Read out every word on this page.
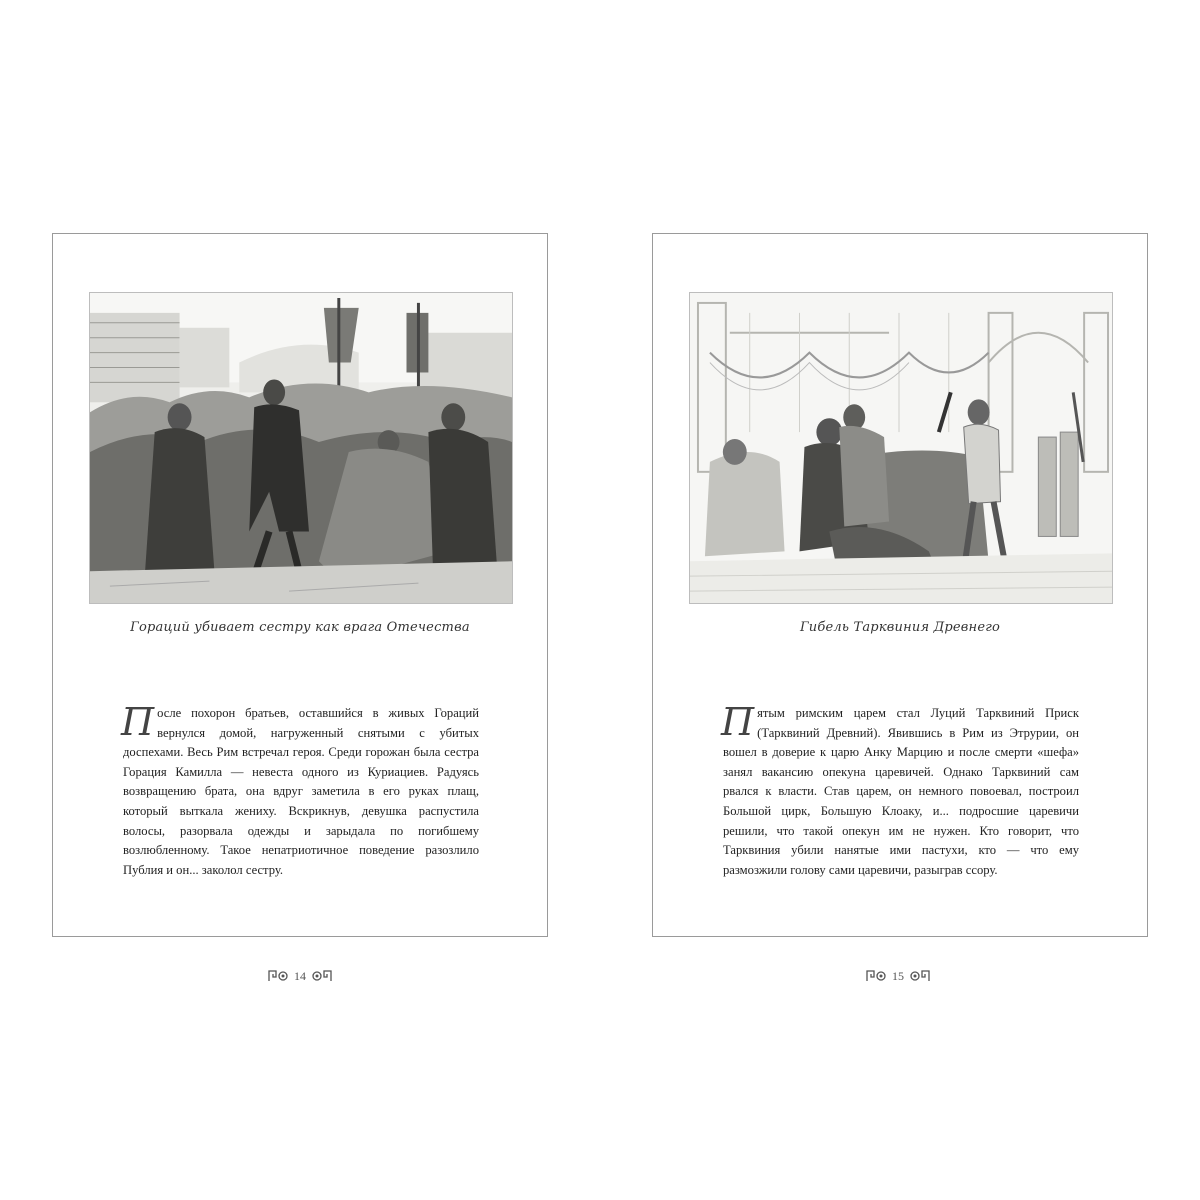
Гораций убивает сестру как врага Отечества
После похорон братьев, оставшийся в живых Гораций вернулся домой, нагруженный снятыми с убитых доспехами. Весь Рим встречал героя. Среди горожан была сестра Горация Камилла — невеста одного из Куриациев. Радуясь возвращению брата, она вдруг заметила в его руках плащ, который выткала жениху. Вскрикнув, девушка распустила волосы, разорвала одежды и зарыдала по погибшему возлюбленному. Такое непатриотичное поведение разозлило Публия и он... заколол сестру.
Гибель Тарквиния Древнего
Пятым римским царем стал Луций Тарквиний Приск (Тарквиний Древний). Явившись в Рим из Этрурии, он вошел в доверие к царю Анку Марцию и после смерти «шефа» занял вакансию опекуна царевичей. Однако Тарквиний сам рвался к власти. Став царем, он немного повоевал, построил Большой цирк, Большую Клоаку, и... подросшие царевичи решили, что такой опекун им не нужен. Кто говорит, что Тарквиния убили нанятые ими пастухи, кто — что ему размозжили голову сами царевичи, разыграв ссору.
14	15
